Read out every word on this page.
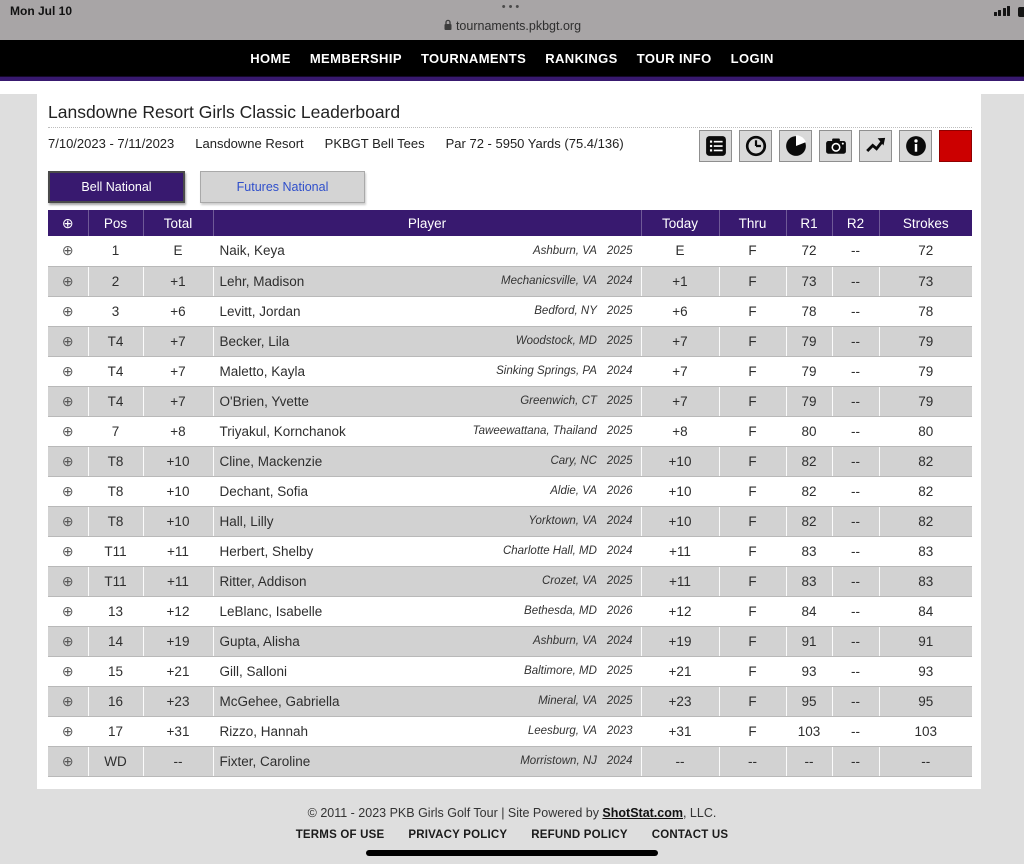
Mon Jul 10	•••
tournaments.pkbgt.org
HOME MEMBERSHIP TOURNAMENTS RANKINGS TOUR INFO LOGIN
Lansdowne Resort Girls Classic Leaderboard
7/10/2023 - 7/11/2023 Lansdowne Resort PKBGT Bell Tees Par 72 - 5950 Yards (75.4/136)
Bell National	Futures National
⊕	Pos	Total	Player	Today	Thru	R1	R2	Strokes
⊕	1	E	Naik, Keya Ashburn, VA 2025	E	F	72	--	72
⊕	2	+1	Lehr, Madison Mechanicsville, VA 2024	+1	F	73	--	73
⊕	3	+6	Levitt, Jordan Bedford, NY 2025	+6	F	78	--	78
⊕	T4	+7	Becker, Lila Woodstock, MD 2025	+7	F	79	--	79
⊕	T4	+7	Maletto, Kayla Sinking Springs, PA 2024	+7	F	79	--	79
⊕	T4	+7	O'Brien, Yvette Greenwich, CT 2025	+7	F	79	--	79
⊕	7	+8	Triyakul, Kornchanok Taweewattana, Thailand 2025	+8	F	80	--	80
⊕	T8	+10	Cline, Mackenzie Cary, NC 2025	+10	F	82	--	82
⊕	T8	+10	Dechant, Sofia Aldie, VA 2026	+10	F	82	--	82
⊕	T8	+10	Hall, Lilly Yorktown, VA 2024	+10	F	82	--	82
⊕	T11	+11	Herbert, Shelby Charlotte Hall, MD 2024	+11	F	83	--	83
⊕	T11	+11	Ritter, Addison Crozet, VA 2025	+11	F	83	--	83
⊕	13	+12	LeBlanc, Isabelle Bethesda, MD 2026	+12	F	84	--	84
⊕	14	+19	Gupta, Alisha Ashburn, VA 2024	+19	F	91	--	91
⊕	15	+21	Gill, Salloni Baltimore, MD 2025	+21	F	93	--	93
⊕	16	+23	McGehee, Gabriella Mineral, VA 2025	+23	F	95	--	95
⊕	17	+31	Rizzo, Hannah Leesburg, VA 2023	+31	F	103	--	103
⊕	WD	--	Fixter, Caroline Morristown, NJ 2024	--	--	--	--	--
© 2011 - 2023 PKB Girls Golf Tour | Site Powered by ShotStat.com, LLC.
TERMS OF USE PRIVACY POLICY REFUND POLICY CONTACT US
